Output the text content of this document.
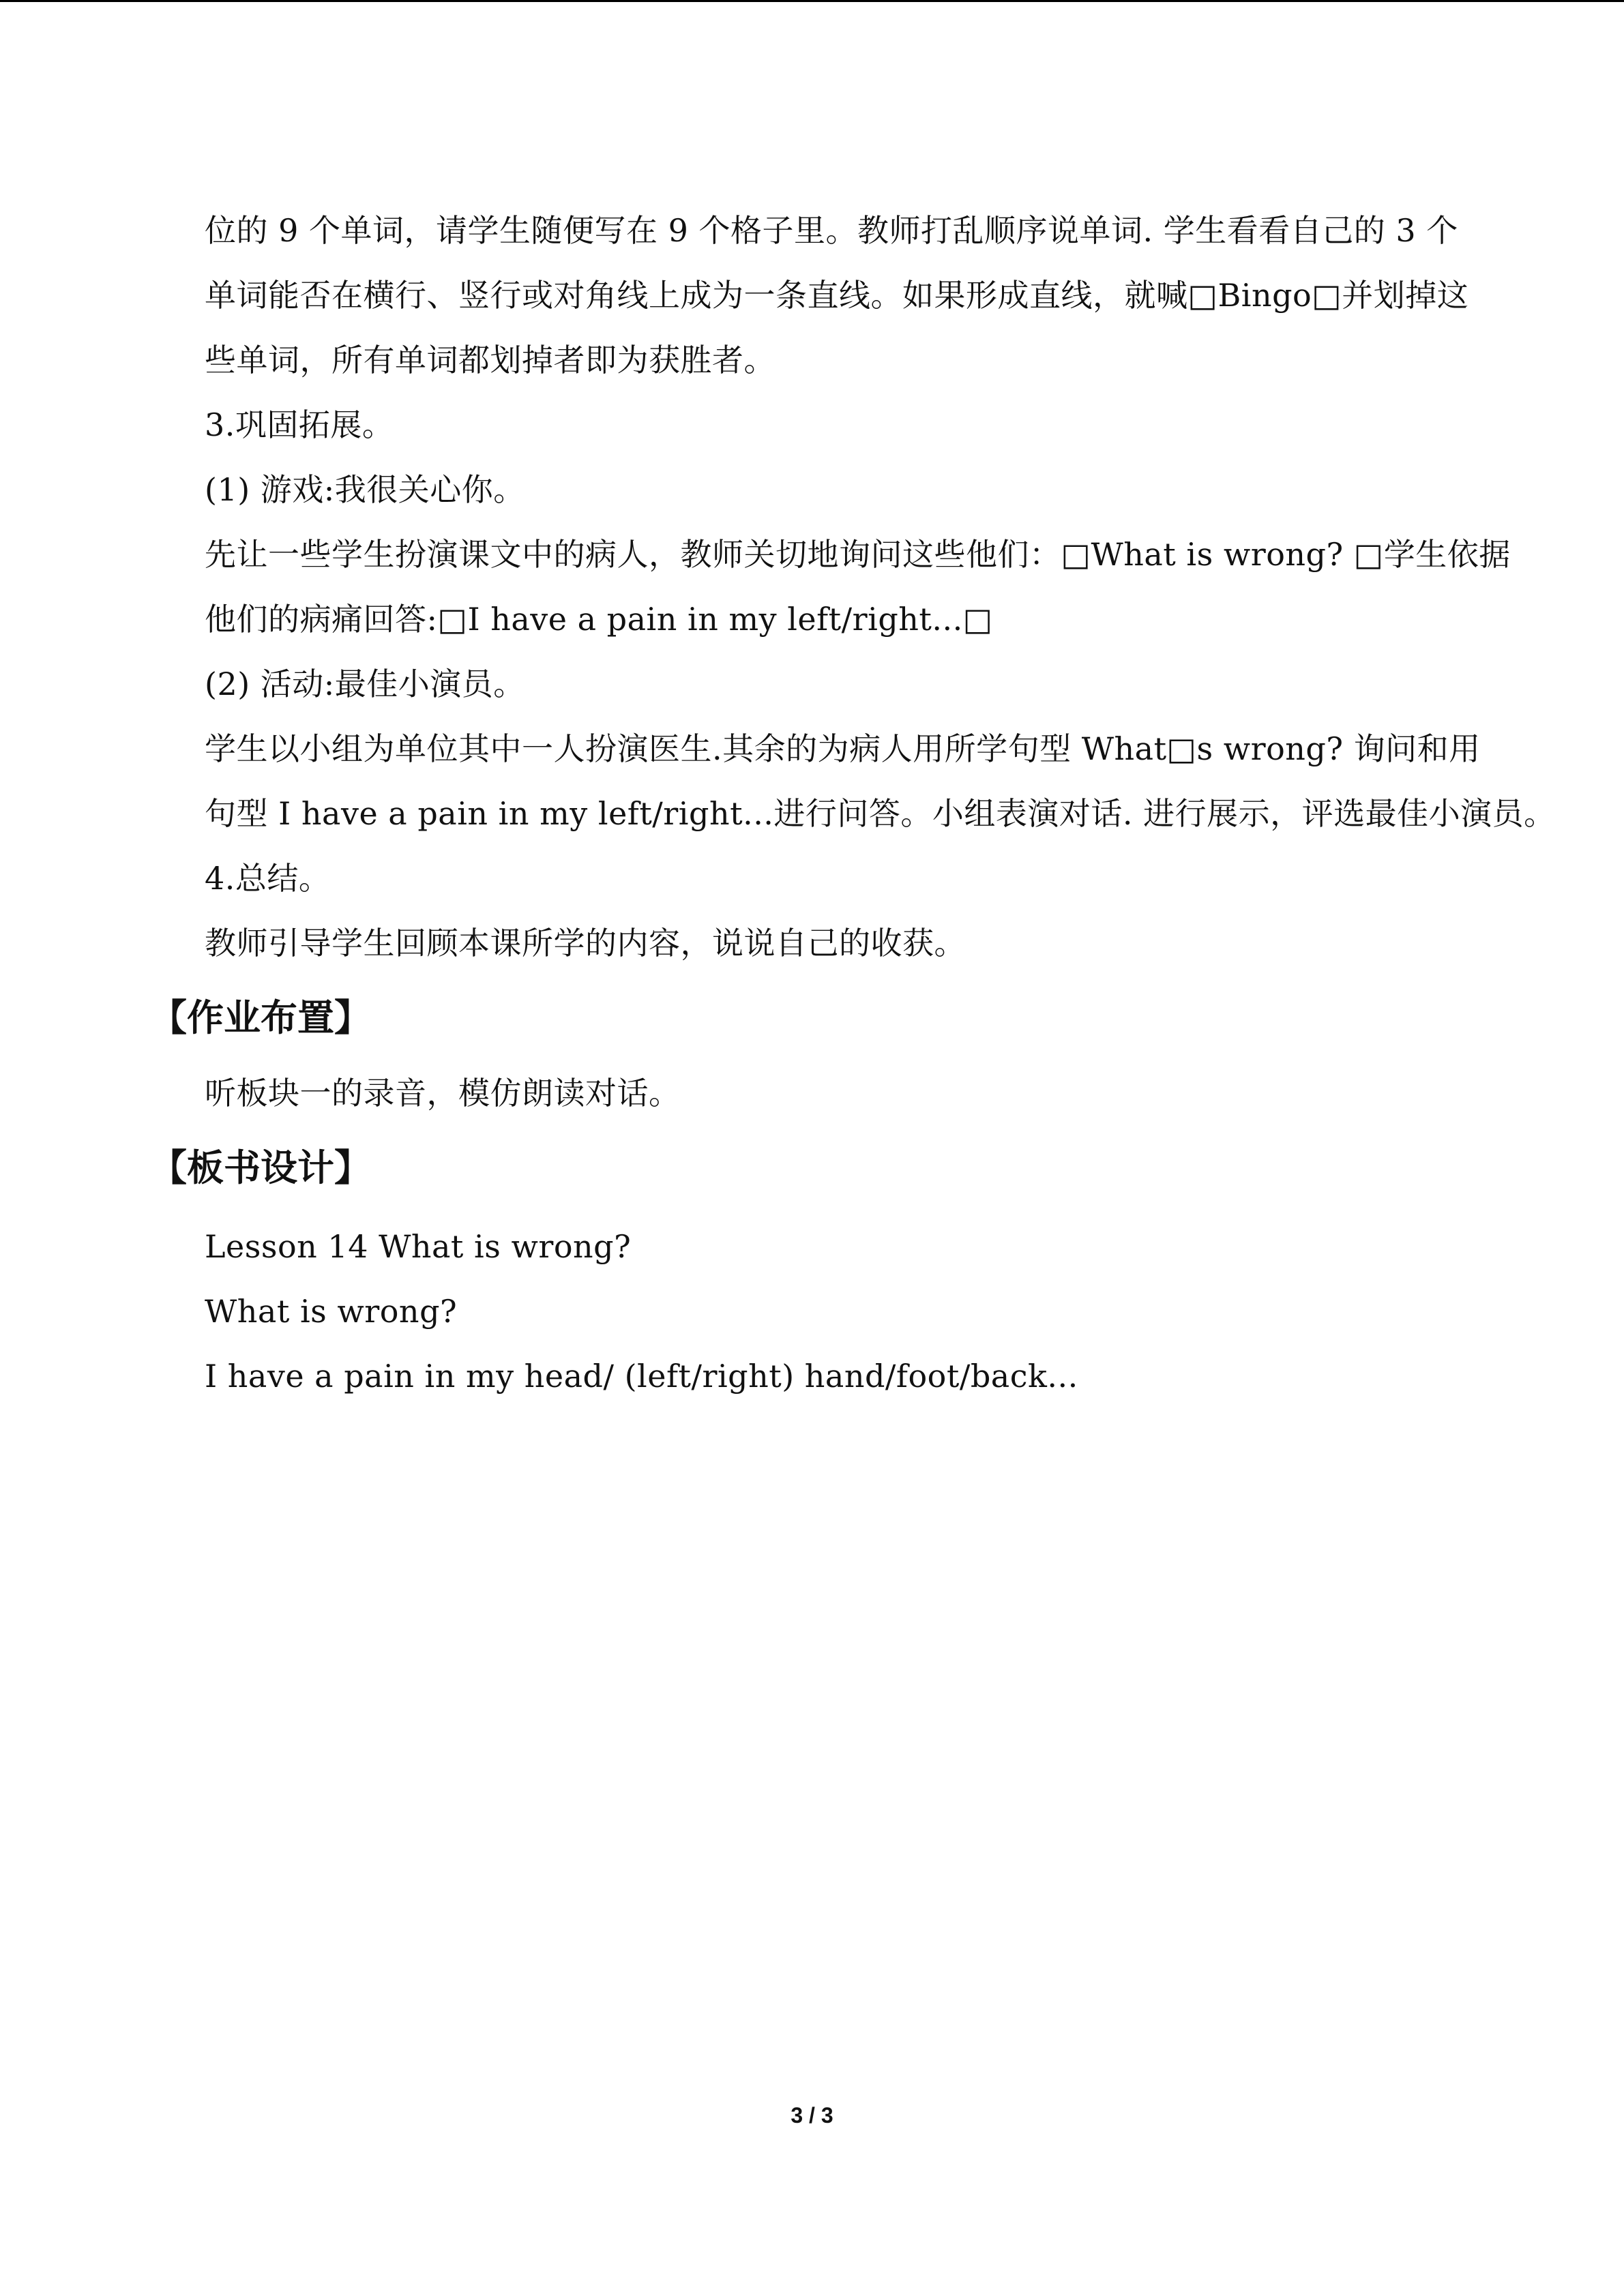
位的 9 个单词，请学生随便写在 9 个格子里。教师打乱顺序说单词. 学生看看自己的 3 个
单词能否在横行、竖行或对角线上成为一条直线。如果形成直线，就喊□Bingo□并划掉这
些单词，所有单词都划掉者即为获胜者。
3.巩固拓展。
(1) 游戏:我很关心你。
先让一些学生扮演课文中的病人，教师关切地询问这些他们：□What is wrong? □学生依据
他们的病痛回答:□I have a pain in my left/right...□
(2) 活动:最佳小演员。
学生以小组为单位其中一人扮演医生.其余的为病人用所学句型 What□s wrong? 询问和用
句型 I have a pain in my left/right...进行问答。小组表演对话. 进行展示，评选最佳小演员。
4.总结。
教师引导学生回顾本课所学的内容，说说自己的收获。
【作业布置】
听板块一的录音，模仿朗读对话。
【板书设计】
Lesson 14 What is wrong?
What is wrong?
I have a pain in my head/ (left/right) hand/foot/back...
3 / 3
